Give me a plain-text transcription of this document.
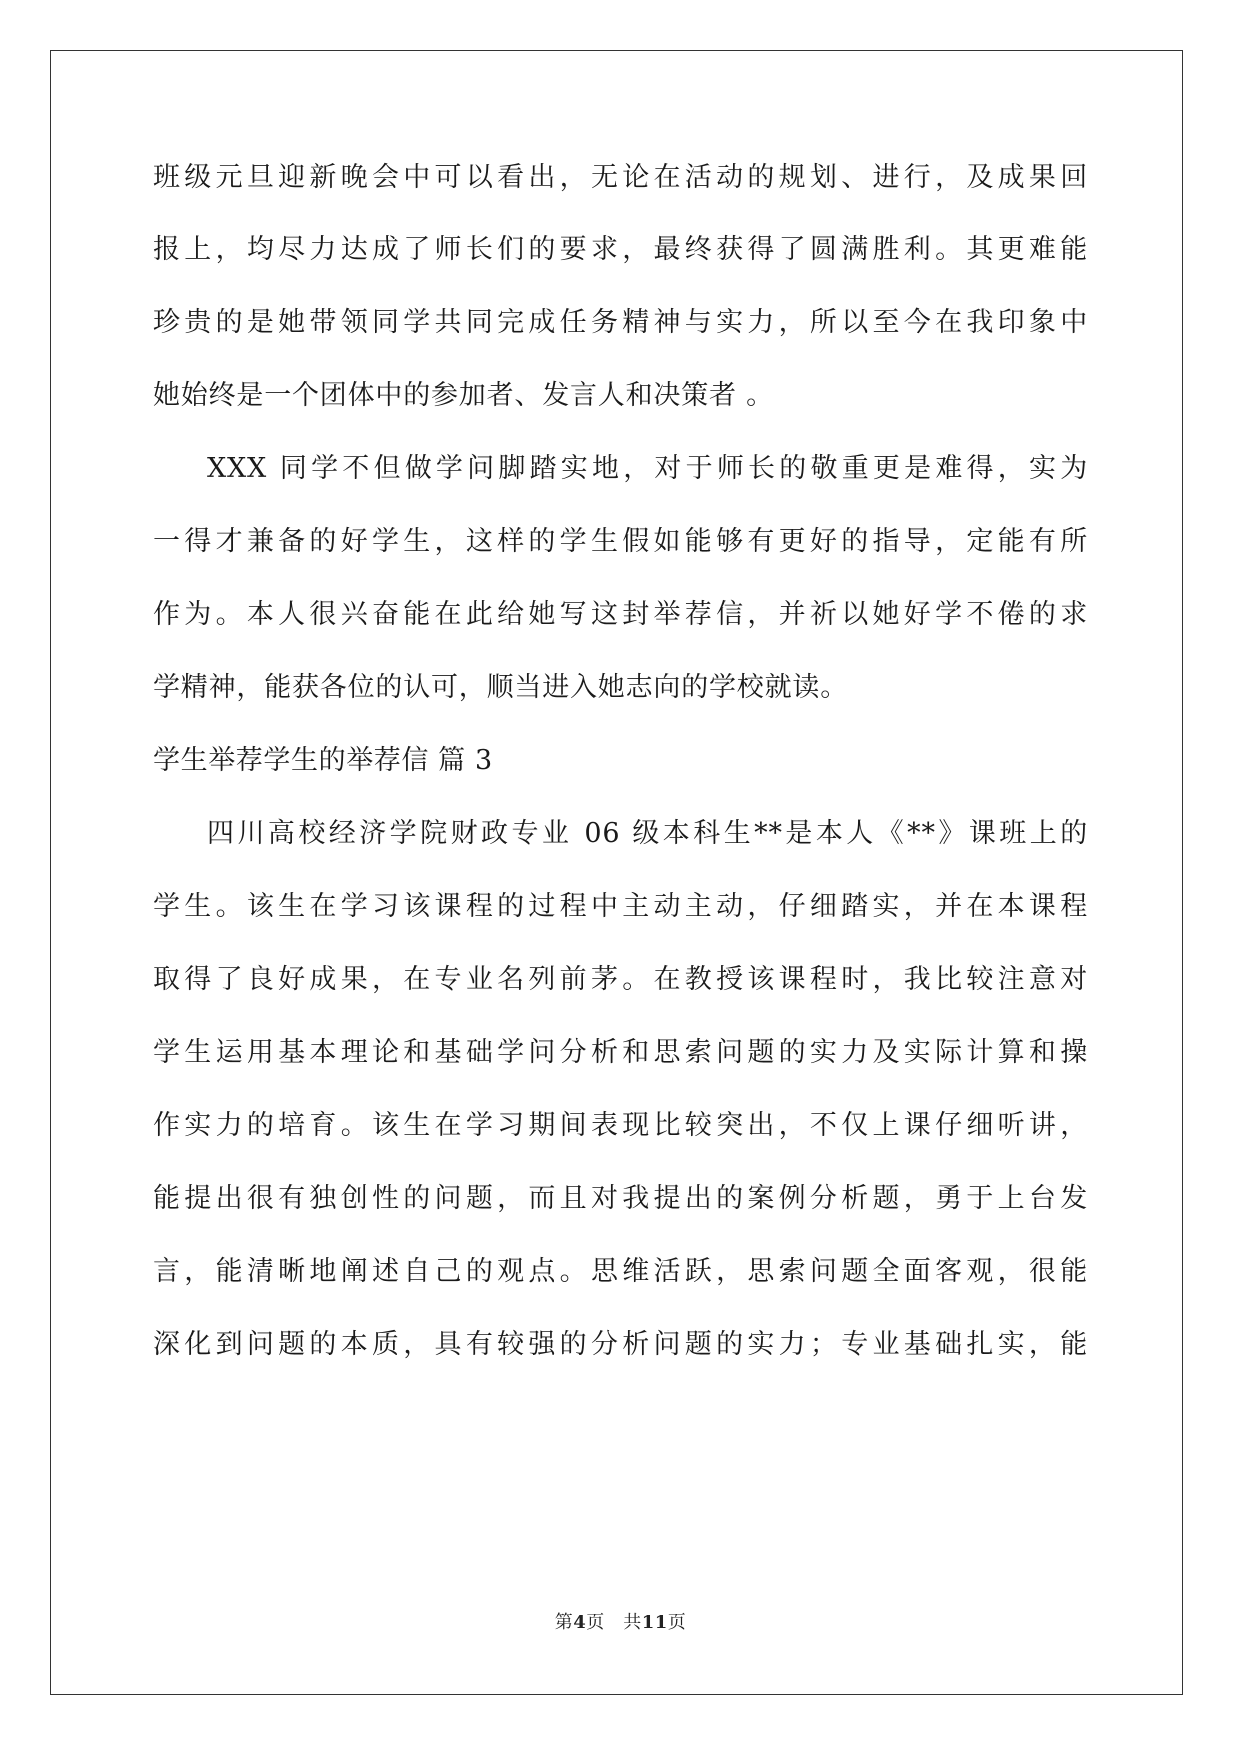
班级元旦迎新晚会中可以看出，无论在活动的规划、进行，及成果回
报上，均尽力达成了师长们的要求，最终获得了圆满胜利。其更难能
珍贵的是她带领同学共同完成任务精神与实力，所以至今在我印象中
她始终是一个团体中的参加者、发言人和决策者 。
XXX 同学不但做学问脚踏实地，对于师长的敬重更是难得，实为
一得才兼备的好学生，这样的学生假如能够有更好的指导，定能有所
作为。本人很兴奋能在此给她写这封举荐信，并祈以她好学不倦的求
学精神，能获各位的认可，顺当进入她志向的学校就读。
学生举荐学生的举荐信 篇 3
四川高校经济学院财政专业 06 级本科生**是本人《**》课班上的
学生。该生在学习该课程的过程中主动主动，仔细踏实，并在本课程
取得了良好成果，在专业名列前茅。在教授该课程时，我比较注意对
学生运用基本理论和基础学问分析和思索问题的实力及实际计算和操
作实力的培育。该生在学习期间表现比较突出，不仅上课仔细听讲，
能提出很有独创性的问题，而且对我提出的案例分析题，勇于上台发
言，能清晰地阐述自己的观点。思维活跃，思索问题全面客观，很能
深化到问题的本质，具有较强的分析问题的实力；专业基础扎实，能
第4页　共11页
